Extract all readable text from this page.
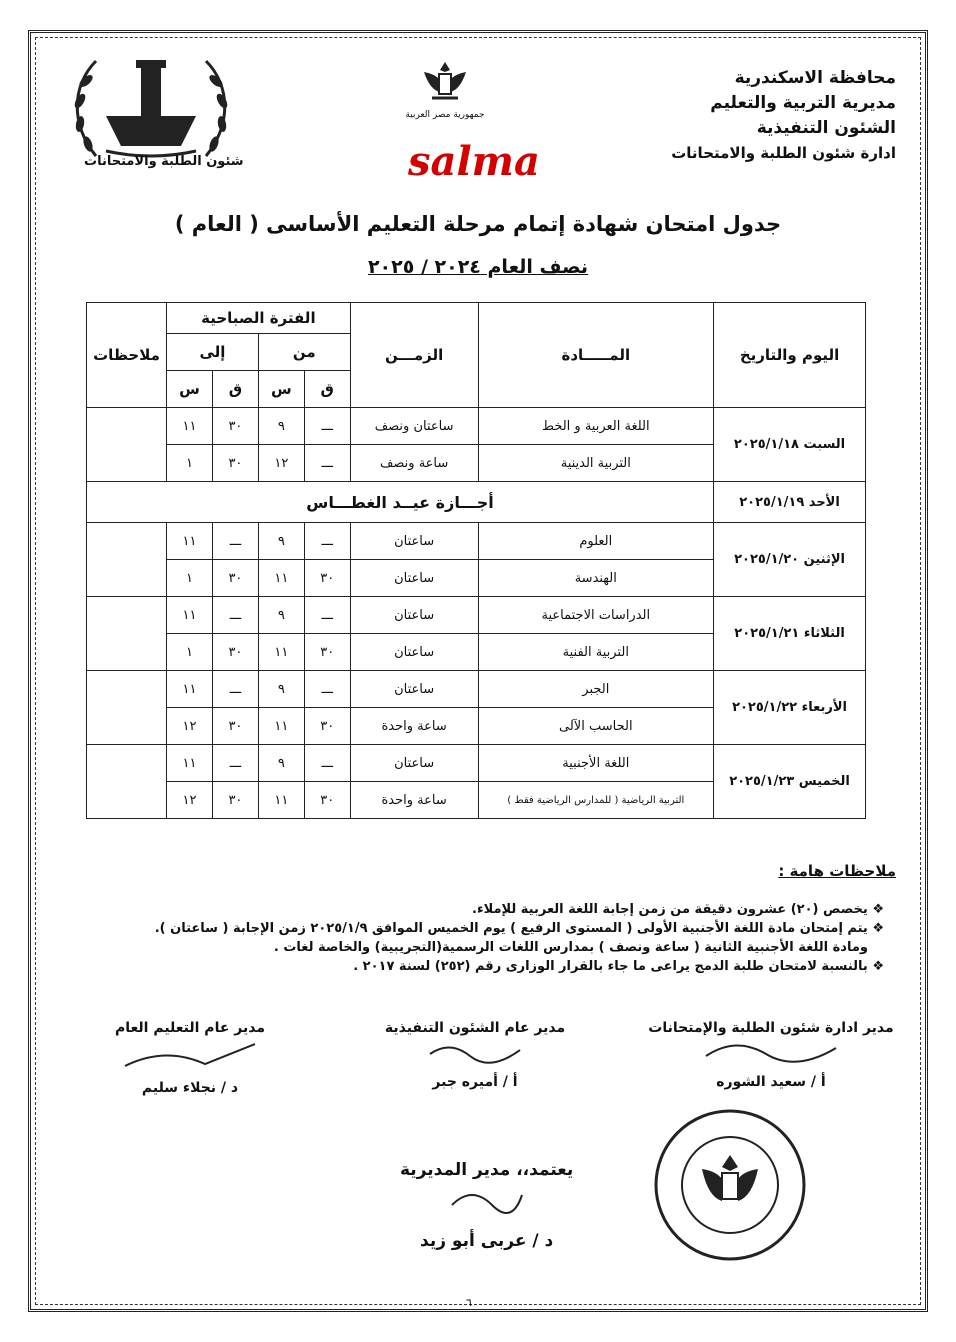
شئون الطلبة والامتحانات
جمهورية مصر العربية
محافظة الاسكندرية
مديرية التربية والتعليم
الشئون التنفيذية
ادارة شئون الطلبة والامتحانات
salma
جدول امتحان شهادة إتمام مرحلة التعليم الأساسى ( العام )
نصف العام ٢٠٢٤ / ٢٠٢٥
اليوم والتاريخ	المـــــادة	الزمـــن	الفترة الصباحية				ملاحظات
			من		إلى		
			ق	س	ق	س	
السبت ٢٠٢٥/١/١٨	اللغة العربية و الخط	ساعتان ونصف	ـــ	٩	٣٠	١١	
	التربية الدينية	ساعة ونصف	ـــ	١٢	٣٠	١	
الأحد ٢٠٢٥/١/١٩	أجـــازة عيــد الغطـــاس						
الإثنين ٢٠٢٥/١/٢٠	العلوم	ساعتان	ـــ	٩	ـــ	١١	
	الهندسة	ساعتان	٣٠	١١	٣٠	١	
الثلاثاء ٢٠٢٥/١/٢١	الدراسات الاجتماعية	ساعتان	ـــ	٩	ـــ	١١	
	التربية الفنية	ساعتان	٣٠	١١	٣٠	١	
الأربعاء ٢٠٢٥/١/٢٢	الجبر	ساعتان	ـــ	٩	ـــ	١١	
	الحاسب الآلى	ساعة واحدة	٣٠	١١	٣٠	١٢	
الخميس ٢٠٢٥/١/٢٣	اللغة الأجنبية	ساعتان	ـــ	٩	ـــ	١١	
	التربية الرياضية ( للمدارس الرياضية فقط )	ساعة واحدة	٣٠	١١	٣٠	١٢	
ملاحظات هامة :
❖ يخصص (٢٠) عشرون دقيقة من زمن إجابة اللغة العربية للإملاء.
❖ يتم إمتحان مادة اللغة الأجنبية الأولى ( المستوى الرفيع ) يوم الخميس الموافق ٢٠٢٥/١/٩ زمن الإجابة ( ساعتان ).
ومادة اللغة الأجنبية الثانية ( ساعة ونصف ) بمدارس اللغات الرسمية(التجريبية) والخاصة لغات .
❖ بالنسبة لامتحان طلبة الدمج يراعى ما جاء بالقرار الوزارى رقم (٢٥٢) لسنة ٢٠١٧ .
مدير ادارة شئون الطلبة والإمتحانات
أ / سعيد الشوره
مدير عام الشئون التنفيذية
أ / أميره جبر
مدير عام التعليم العام
د / نجلاء سليم
يعتمد،، مدير المديرية
د / عربى أبو زيد
٦
